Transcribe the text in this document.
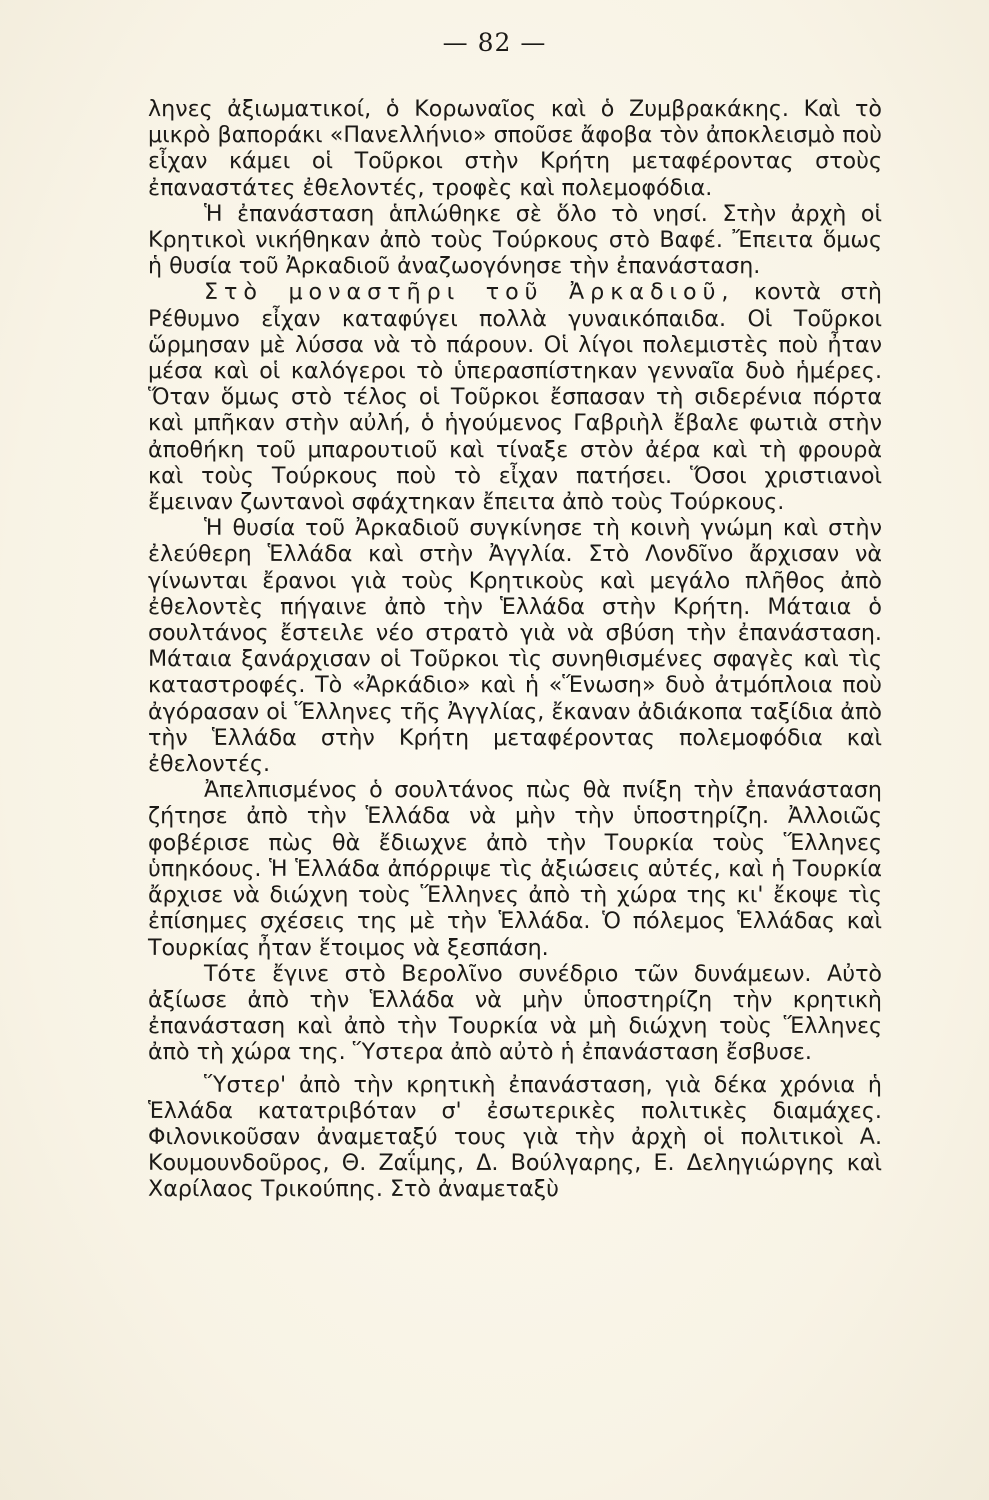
— 82 —

ληνες ἀξιωματικοί, ὁ Κορωναῖος καὶ ὁ Ζυμβρακάκης. Καὶ τὸ μικρὸ βαποράκι «Πανελλήνιο» σποῦσε ἄφοβα τὸν ἀποκλεισμὸ ποὺ εἶχαν κάμει οἱ Τοῦρκοι στὴν Κρήτη μεταφέροντας στοὺς ἐπαναστάτες ἐθελοντές, τροφὲς καὶ πολεμοφόδια.

Ἡ ἐπανάσταση ἁπλώθηκε σὲ ὅλο τὸ νησί. Στὴν ἀρχὴ οἱ Κρητικοὶ νικήθηκαν ἀπὸ τοὺς Τούρκους στὸ Βαφέ. Ἔπειτα ὅμως ἡ θυσία τοῦ Ἀρκαδιοῦ ἀναζωογόνησε τὴν ἐπανάσταση.

Στὸ μοναστῆρι τοῦ Ἀρκαδιοῦ, κοντὰ στὴ Ρέθυμνο εἶχαν καταφύγει πολλὰ γυναικόπαιδα. Οἱ Τοῦρκοι ὥρμησαν μὲ λύσσα νὰ τὸ πάρουν. Οἱ λίγοι πολεμιστὲς ποὺ ἦταν μέσα καὶ οἱ καλόγεροι τὸ ὑπερασπίστηκαν γενναῖα δυὸ ἡμέρες. Ὅταν ὅμως στὸ τέλος οἱ Τοῦρκοι ἔσπασαν τὴ σιδερένια πόρτα καὶ μπῆκαν στὴν αὐλή, ὁ ἡγούμενος Γαβριὴλ ἔβαλε φωτιὰ στὴν ἀποθήκη τοῦ μπαρουτιοῦ καὶ τίναξε στὸν ἀέρα καὶ τὴ φρουρὰ καὶ τοὺς Τούρκους ποὺ τὸ εἶχαν πατήσει. Ὅσοι χριστιανοὶ ἔμειναν ζωντανοὶ σφάχτηκαν ἔπειτα ἀπὸ τοὺς Τούρκους.

Ἡ θυσία τοῦ Ἀρκαδιοῦ συγκίνησε τὴ κοινὴ γνώμη καὶ στὴν ἐλεύθερη Ἑλλάδα καὶ στὴν Ἀγγλία. Στὸ Λονδῖνο ἄρχισαν νὰ γίνωνται ἔρανοι γιὰ τοὺς Κρητικοὺς καὶ μεγάλο πλῆθος ἀπὸ ἐθελοντὲς πήγαινε ἀπὸ τὴν Ἑλλάδα στὴν Κρήτη. Μάταια ὁ σουλτάνος ἔστειλε νέο στρατὸ γιὰ νὰ σβύση τὴν ἐπανάσταση. Μάταια ξανάρχισαν οἱ Τοῦρκοι τὶς συνηθισμένες σφαγὲς καὶ τὶς καταστροφές. Τὸ «Ἀρκάδιο» καὶ ἡ «Ἕνωση» δυὸ ἀτμόπλοια ποὺ ἀγόρασαν οἱ Ἕλληνες τῆς Ἀγγλίας, ἔκαναν ἀδιάκοπα ταξίδια ἀπὸ τὴν Ἑλλάδα στὴν Κρήτη μεταφέροντας πολεμοφόδια καὶ ἐθελοντές.

Ἀπελπισμένος ὁ σουλτάνος πὼς θὰ πνίξη τὴν ἐπανάσταση ζήτησε ἀπὸ τὴν Ἑλλάδα νὰ μὴν τὴν ὑποστηρίζη. Ἀλλοιῶς φοβέρισε πὼς θὰ ἔδιωχνε ἀπὸ τὴν Τουρκία τοὺς Ἕλληνες ὑπηκόους. Ἡ Ἑλλάδα ἀπόρριψε τὶς ἀξιώσεις αὐτές, καὶ ἡ Τουρκία ἄρχισε νὰ διώχνη τοὺς Ἕλληνες ἀπὸ τὴ χώρα της κι' ἔκοψε τὶς ἐπίσημες σχέσεις της μὲ τὴν Ἑλλάδα. Ὁ πόλεμος Ἑλλάδας καὶ Τουρκίας ἦταν ἕτοιμος νὰ ξεσπάση.

Τότε ἔγινε στὸ Βερολῖνο συνέδριο τῶν δυνάμεων. Αὐτὸ ἀξίωσε ἀπὸ τὴν Ἑλλάδα νὰ μὴν ὑποστηρίζη τὴν κρητικὴ ἐπανάσταση καὶ ἀπὸ τὴν Τουρκία νὰ μὴ διώχνη τοὺς Ἕλληνες ἀπὸ τὴ χώρα της. Ὕστερα ἀπὸ αὐτὸ ἡ ἐπανάσταση ἔσβυσε.

Ὕστερ' ἀπὸ τὴν κρητικὴ ἐπανάσταση, γιὰ δέκα χρόνια ἡ Ἑλλάδα κατατριβόταν σ' ἐσωτερικὲς πολιτικὲς διαμάχες. Φιλονικοῦσαν ἀναμεταξύ τους γιὰ τὴν ἀρχὴ οἱ πολιτικοὶ Α. Κουμουνδοῦρος, Θ. Ζαΐμης, Δ. Βούλγαρης, Ε. Δεληγιώργης καὶ Χαρίλαος Τρικούπης. Στὸ ἀναμεταξὺ
